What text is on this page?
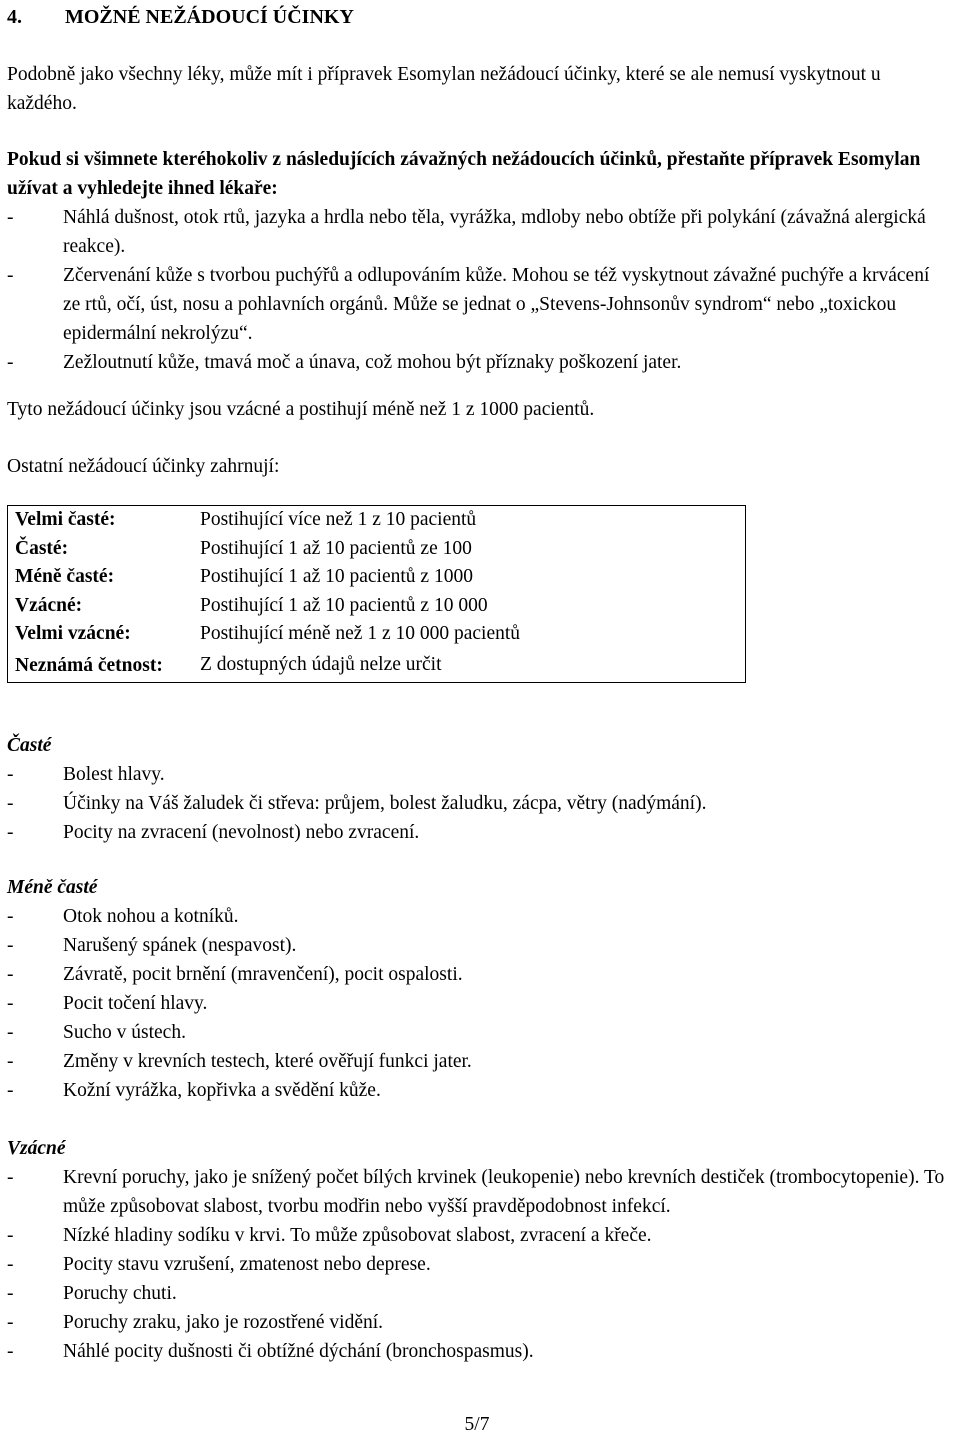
4.	MOŽNÉ NEŽÁDOUCÍ ÚČINKY

Podobně jako všechny léky, může mít i přípravek Esomylan nežádoucí účinky, které se ale nemusí vyskytnout u každého.

Pokud si všimnete kteréhokoliv z následujících závažných nežádoucích účinků, přestaňte přípravek Esomylan užívat a vyhledejte ihned lékaře:

- Náhlá dušnost, otok rtů, jazyka a hrdla nebo těla, vyrážka, mdloby nebo obtíže při polykání (závažná alergická reakce).
- Zčervenání kůže s tvorbou puchýřů a odlupováním kůže. Mohou se též vyskytnout závažné puchýře a krvácení ze rtů, očí, úst, nosu a pohlavních orgánů. Může se jednat o „Stevens-Johnsonův syndrom“ nebo „toxickou epidermální nekrolýzu“.
- Zežloutnutí kůže, tmavá moč a únava, což mohou být příznaky poškození jater.

Tyto nežádoucí účinky jsou vzácné a postihují méně než 1 z 1000 pacientů.

Ostatní nežádoucí účinky zahrnují:

Velmi časté:	Postihující více než 1 z 10 pacientů
Časté:	Postihující 1 až 10 pacientů ze 100
Méně časté:	Postihující 1 až 10 pacientů z 1000
Vzácné:	Postihující 1 až 10 pacientů z 10 000
Velmi vzácné:	Postihující méně než 1 z 10 000 pacientů
Neznámá četnost:	Z dostupných údajů nelze určit
Časté
- Bolest hlavy.
- Účinky na Váš žaludek či střeva: průjem, bolest žaludku, zácpa, větry (nadýmání).
- Pocity na zvracení (nevolnost) nebo zvracení.
Méně časté
- Otok nohou a kotníků.
- Narušený spánek (nespavost).
- Závratě, pocit brnění (mravenčení), pocit ospalosti.
- Pocit točení hlavy.
- Sucho v ústech.
- Změny v krevních testech, které ověřují funkci jater.
- Kožní vyrážka, kopřivka a svědění kůže.
Vzácné
- Krevní poruchy, jako je snížený počet bílých krvinek (leukopenie) nebo krevních destiček (trombocytopenie). To může způsobovat slabost, tvorbu modřin nebo vyšší pravděpodobnost infekcí.
- Nízké hladiny sodíku v krvi. To může způsobovat slabost, zvracení a křeče.
- Pocity stavu vzrušení, zmatenost nebo deprese.
- Poruchy chuti.
- Poruchy zraku, jako je rozostřené vidění.
- Náhlé pocity dušnosti či obtížné dýchání (bronchospasmus).
5/7
